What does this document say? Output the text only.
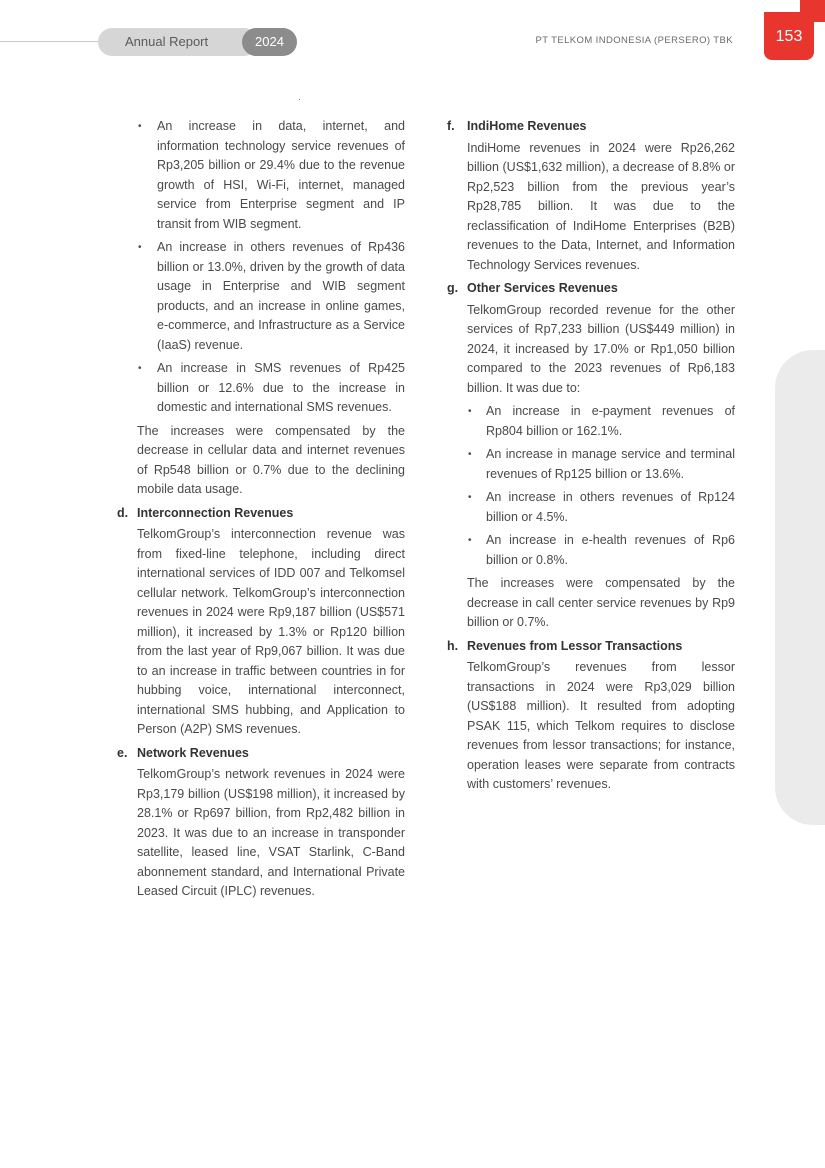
Annual Report	2024	PT TELKOM INDONESIA (PERSERO) TBK	153
• An increase in data, internet, and information technology service revenues of Rp3,205 billion or 29.4% due to the revenue growth of HSI, Wi-Fi, internet, managed service from Enterprise segment and IP transit from WIB segment.
• An increase in others revenues of Rp436 billion or 13.0%, driven by the growth of data usage in Enterprise and WIB segment products, and an increase in online games, e-commerce, and Infrastructure as a Service (IaaS) revenue.
• An increase in SMS revenues of Rp425 billion or 12.6% due to the increase in domestic and international SMS revenues.

The increases were compensated by the decrease in cellular data and internet revenues of Rp548 billion or 0.7% due to the declining mobile data usage.

d. Interconnection Revenues

TelkomGroup’s interconnection revenue was from fixed-line telephone, including direct international services of IDD 007 and Telkomsel cellular network. TelkomGroup’s interconnection revenues in 2024 were Rp9,187 billion (US$571 million), it increased by 1.3% or Rp120 billion from the last year of Rp9,067 billion. It was due to an increase in traffic between countries in for hubbing voice, international interconnect, international SMS hubbing, and Application to Person (A2P) SMS revenues.

e. Network Revenues

TelkomGroup’s network revenues in 2024 were Rp3,179 billion (US$198 million), it increased by 28.1% or Rp697 billion, from Rp2,482 billion in 2023. It was due to an increase in transponder satellite, leased line, VSAT Starlink, C-Band abonnement standard, and International Private Leased Circuit (IPLC) revenues.

f. IndiHome Revenues

IndiHome revenues in 2024 were Rp26,262 billion (US$1,632 million), a decrease of 8.8% or Rp2,523 billion from the previous year’s Rp28,785 billion. It was due to the reclassification of IndiHome Enterprises (B2B) revenues to the Data, Internet, and Information Technology Services revenues.

g. Other Services Revenues

TelkomGroup recorded revenue for the other services of Rp7,233 billion (US$449 million) in 2024, it increased by 17.0% or Rp1,050 billion compared to the 2023 revenues of Rp6,183 billion. It was due to:

• An increase in e-payment revenues of Rp804 billion or 162.1%.
• An increase in manage service and terminal revenues of Rp125 billion or 13.6%.
• An increase in others revenues of Rp124 billion or 4.5%.
• An increase in e-health revenues of Rp6 billion or 0.8%.

The increases were compensated by the decrease in call center service revenues by Rp9 billion or 0.7%.

h. Revenues from Lessor Transactions

TelkomGroup’s revenues from lessor transactions in 2024 were Rp3,029 billion (US$188 million). It resulted from adopting PSAK 115, which Telkom requires to disclose revenues from lessor transactions; for instance, operation leases were separate from contracts with customers’ revenues.
